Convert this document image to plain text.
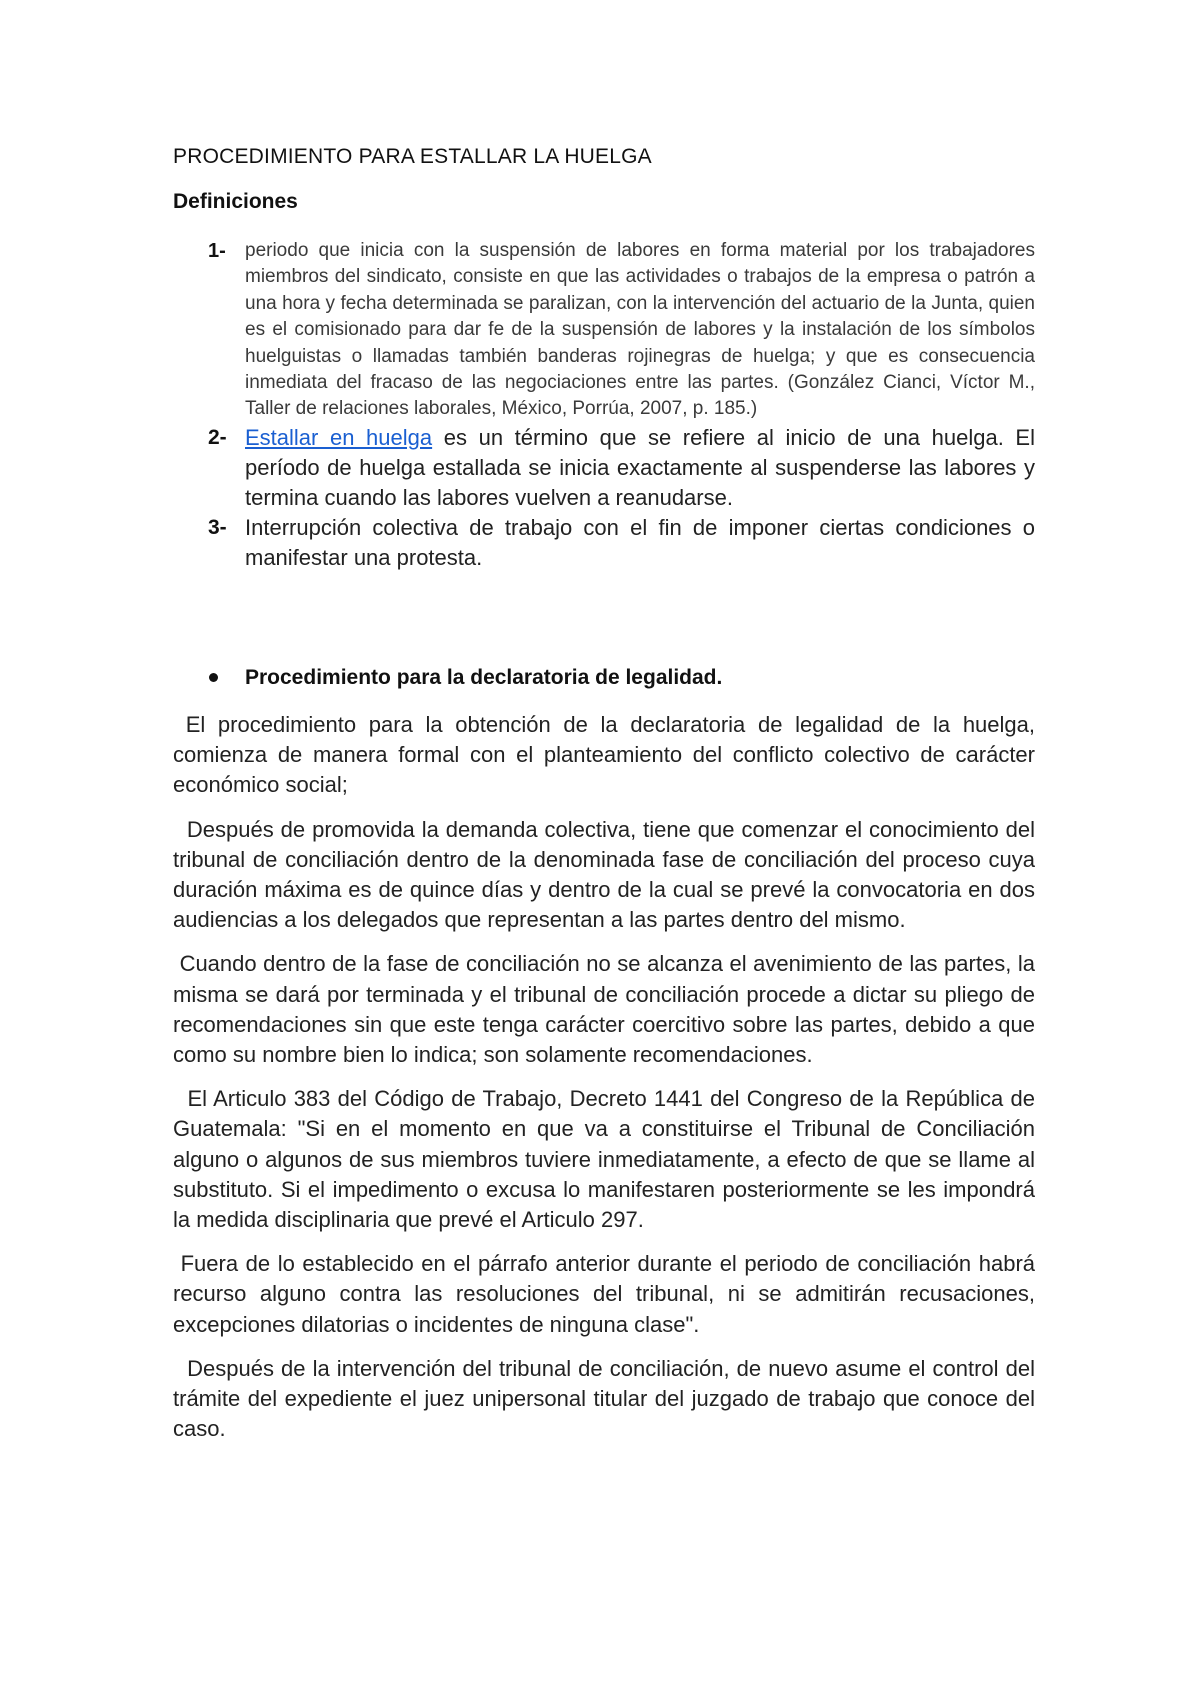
PROCEDIMIENTO PARA ESTALLAR LA HUELGA
Definiciones
1- periodo que inicia con la suspensión de labores en forma material por los trabajadores miembros del sindicato, consiste en que las actividades o trabajos de la empresa o patrón a una hora y fecha determinada se paralizan, con la intervención del actuario de la Junta, quien es el comisionado para dar fe de la suspensión de labores y la instalación de los símbolos huelguistas o llamadas también banderas rojinegras de huelga; y que es consecuencia inmediata del fracaso de las negociaciones entre las partes. (González Cianci, Víctor M., Taller de relaciones laborales, México, Porrúa, 2007, p. 185.)
2- Estallar en huelga es un término que se refiere al inicio de una huelga. El período de huelga estallada se inicia exactamente al suspenderse las labores y termina cuando las labores vuelven a reanudarse.
3- Interrupción colectiva de trabajo con el fin de imponer ciertas condiciones o manifestar una protesta.
Procedimiento para la declaratoria de legalidad.

El procedimiento para la obtención de la declaratoria de legalidad de la huelga, comienza de manera formal con el planteamiento del conflicto colectivo de carácter económico social;

Después de promovida la demanda colectiva, tiene que comenzar el conocimiento del tribunal de conciliación dentro de la denominada fase de conciliación del proceso cuya duración máxima es de quince días y dentro de la cual se prevé la convocatoria en dos audiencias a los delegados que representan a las partes dentro del mismo.

Cuando dentro de la fase de conciliación no se alcanza el avenimiento de las partes, la misma se dará por terminada y el tribunal de conciliación procede a dictar su pliego de recomendaciones sin que este tenga carácter coercitivo sobre las partes, debido a que como su nombre bien lo indica; son solamente recomendaciones.

El Articulo 383 del Código de Trabajo, Decreto 1441 del Congreso de la República de Guatemala: "Si en el momento en que va a constituirse el Tribunal de Conciliación alguno o algunos de sus miembros tuviere inmediatamente, a efecto de que se llame al substituto. Si el impedimento o excusa lo manifestaren posteriormente se les impondrá la medida disciplinaria que prevé el Articulo 297.

Fuera de lo establecido en el párrafo anterior durante el periodo de conciliación habrá recurso alguno contra las resoluciones del tribunal, ni se admitirán recusaciones, excepciones dilatorias o incidentes de ninguna clase".

Después de la intervención del tribunal de conciliación, de nuevo asume el control del trámite del expediente el juez unipersonal titular del juzgado de trabajo que conoce del caso.
